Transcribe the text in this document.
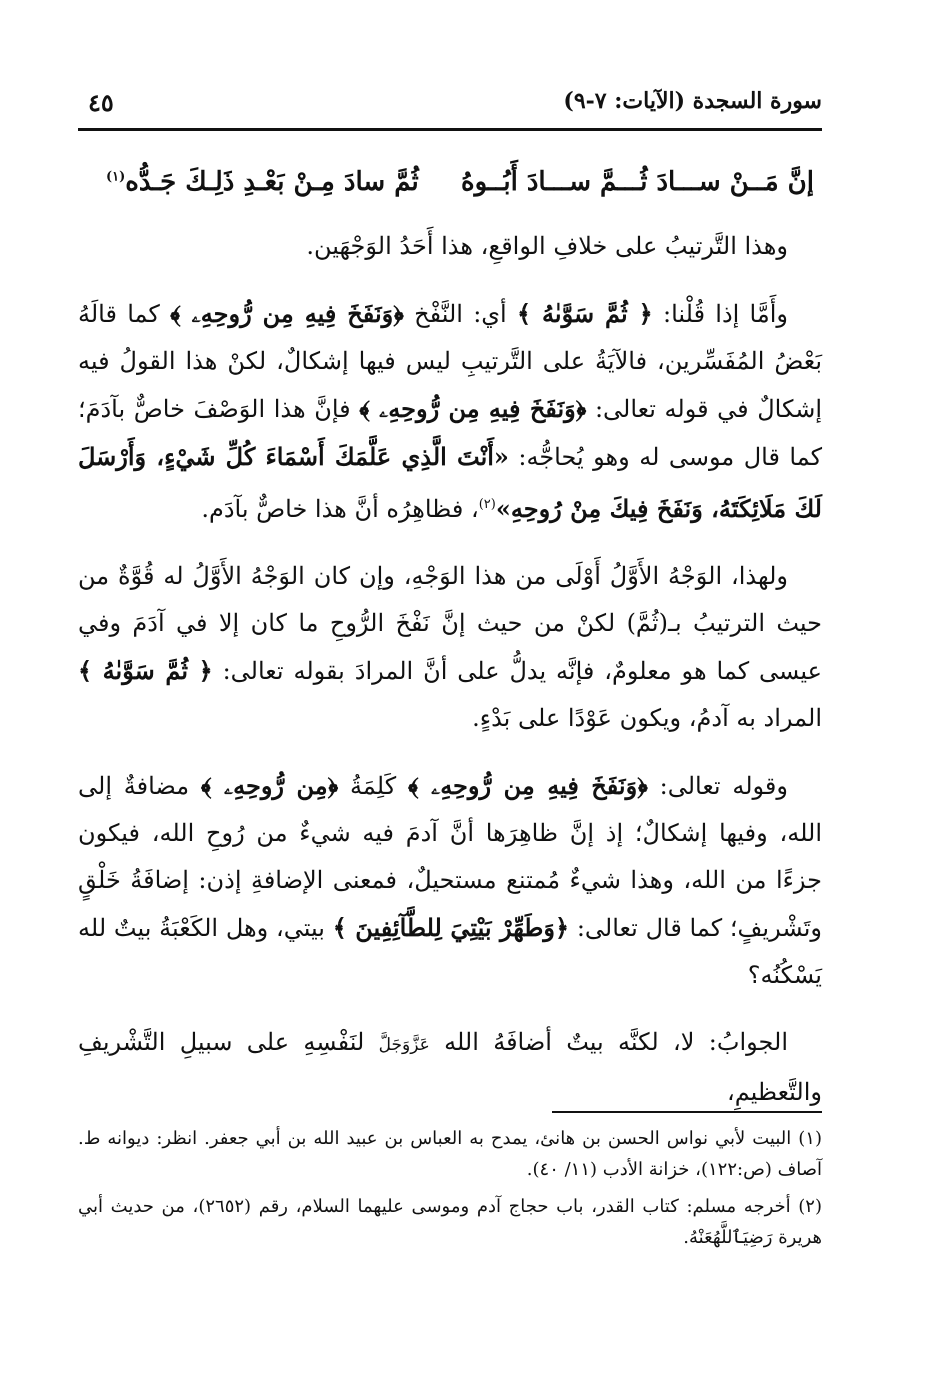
سورة السجدة (الآيات: ٧-٩)
٤٥
إنَّ مَــنْ ســـادَ ثُـــمَّ ســـادَ أَبُــوهُ
ثُمَّ سادَ مِـنْ بَعْـدِ ذَلِـكَ جَـدُّه$^{(١)}$

وهذا التَّرتيبُ على خلافِ الواقعِ، هذا أَحَدُ الوَجْهَين.

وأَمَّا إذا قُلْنا: ﴿ ثُمَّ سَوَّىٰهُ ﴾ أي: النَّفْخ ﴿وَنَفَخَ فِيهِ مِن رُّوحِهِۦ ﴾ كما قالَهُ بَعْضُ المُفَسِّرين، فالآيَةُ على التَّرتيبِ ليس فيها إشكالٌ، لكنْ هذا القولُ فيه إشكالٌ في قوله تعالى: ﴿وَنَفَخَ فِيهِ مِن رُّوحِهِۦ ﴾ فإنَّ هذا الوَصْفَ خاصٌّ بآدَمَ؛ كما قال موسى له وهو يُحاجُّه: «أَنْتَ الَّذِي عَلَّمَكَ أَسْمَاءَ كُلِّ شَيْءٍ، وَأَرْسَلَ لَكَ مَلَائِكَتَهُ، وَنَفَخَ فِيكَ مِنْ رُوحِهِ»$^{(٢)}$، فظاهِرُه أنَّ هذا خاصٌّ بآدَم.

ولهذا، الوَجْهُ الأَوَّلُ أَوْلَى من هذا الوَجْهِ، وإن كان الوَجْهُ الأَوَّلُ له قُوَّةٌ من حيث الترتيبُ بـ(ثُمَّ) لكنْ من حيث إنَّ نَفْخَ الرُّوحِ ما كان إلا في آدَمَ وفي عيسى كما هو معلومٌ، فإنَّه يدلُّ على أنَّ المرادَ بقوله تعالى: ﴿ ثُمَّ سَوَّىٰهُ ﴾ المراد به آدمُ، ويكون عَوْدًا على بَدْءٍ.

وقوله تعالى: ﴿وَنَفَخَ فِيهِ مِن رُّوحِهِۦ ﴾ كَلِمَةُ ﴿مِن رُّوحِهِۦ ﴾ مضافةٌ إلى الله، وفيها إشكالٌ؛ إذ إنَّ ظاهِرَها أنَّ آدمَ فيه شيءٌ من رُوحِ الله، فيكون جزءًا من الله، وهذا شيءٌ مُمتنع مستحيلٌ، فمعنى الإضافةِ إذن: إضافَةُ خَلْقٍ وتَشْريفٍ؛ كما قال تعالى: ﴿وَطَهِّرْ بَيْتِيَ لِلطَّآئِفِينَ ﴾ بيتي، وهل الكَعْبَةُ بيتٌ لله يَسْكُنُه؟

الجوابُ: لا، لكنَّه بيتٌ أضافَهُ الله عَزَّوَجَلَّ لنَفْسِهِ على سبيلِ التَّشْريفِ والتَّعظيمِ،

(١) البيت لأبي نواس الحسن بن هانئ، يمدح به العباس بن عبيد الله بن أبي جعفر. انظر: ديوانه ط. آصاف (ص:١٢٢)، خزانة الأدب (١١/ ٤٠).

(٢) أخرجه مسلم: كتاب القدر، باب حجاج آدم وموسى عليهما السلام، رقم (٢٦٥٢)، من حديث أبي هريرة رَضِيَٱللَّهُعَنْهُ.
